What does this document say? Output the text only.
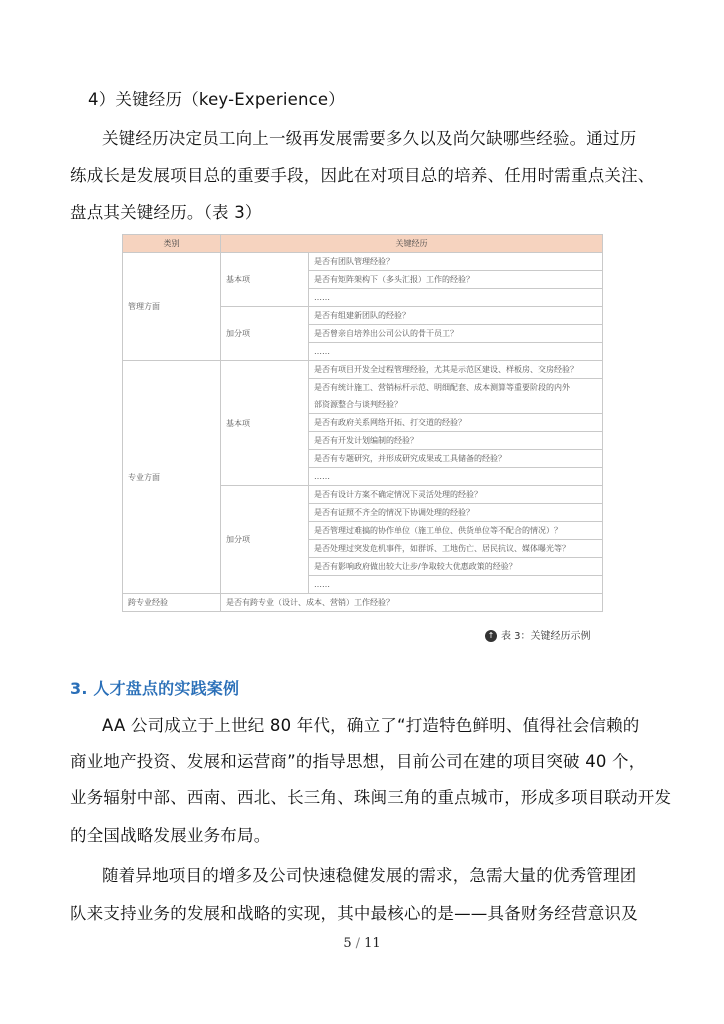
4）关键经历（key-Experience）
关键经历决定员工向上一级再发展需要多久以及尚欠缺哪些经验。通过历
练成长是发展项目总的重要手段，因此在对项目总的培养、任用时需重点关注、
盘点其关键经历。（表 3）
类别	关键经历	
管理方面	基本项	是否有团队管理经验？
		是否有矩阵架构下（多头汇报）工作的经验？
		……
	加分项	是否有组建新团队的经验？
		是否曾亲自培养出公司公认的骨干员工？
		……
专业方面	基本项	是否有项目开发全过程管理经验，尤其是示范区建设、样板房、交房经验？
		是否有统计施工、营销标杆示范、明细配套、成本测算等重要阶段的内外
		部资源整合与谈判经验？
		是否有政府关系网络开拓、打交道的经验？
		是否有开发计划编制的经验？
		是否有专题研究，并形成研究成果或工具储备的经验？
		……
	加分项	是否有设计方案不确定情况下灵活处理的经验？
		是否有证照不齐全的情况下协调处理的经验？
		是否管理过难搞的协作单位（施工单位、供货单位等不配合的情况）？
		是否处理过突发危机事件，如群诉、工地伤亡、居民抗议、媒体曝光等？
		是否有影响政府做出较大让步/争取较大优惠政策的经验？
		……
跨专业经验	是否有跨专业（设计、成本、营销）工作经验？	
↑ 表 3：关键经历示例
3. 人才盘点的实践案例
AA 公司成立于上世纪 80 年代，确立了“打造特色鲜明、值得社会信赖的
商业地产投资、发展和运营商”的指导思想，目前公司在建的项目突破 40 个，
业务辐射中部、西南、西北、长三角、珠闽三角的重点城市，形成多项目联动开发
的全国战略发展业务布局。
随着异地项目的增多及公司快速稳健发展的需求，急需大量的优秀管理团
队来支持业务的发展和战略的实现，其中最核心的是——具备财务经营意识及
5 / 11
